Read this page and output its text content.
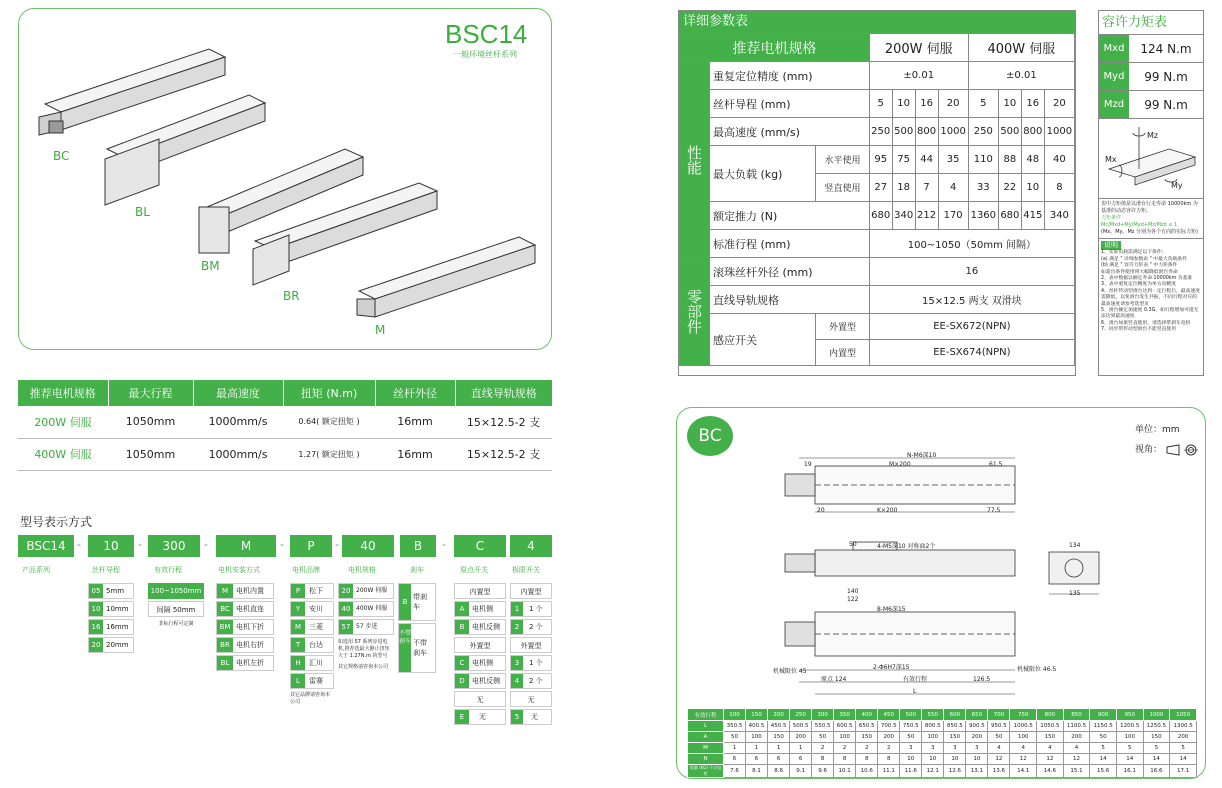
BSC14
一般环境丝杆系列
BC
BL
BM
BR
M
推荐电机规格	最大行程	最高速度	扭矩 (N.m)	丝杆外径	直线导轨规格
200W 伺服	1050mm	1000mm/s	0.64( 额定扭矩 )	16mm	15×12.5-2 支
400W 伺服	1050mm	1000mm/s	1.27( 额定扭矩 )	16mm	15×12.5-2 支
型号表示方式
BSC14	10	300	M	P	40	B	C	4
-	-	-	-	-	-
产品系列	丝杆导程	有效行程	电机安装方式	电机品牌	电机规格	刹车	原点开关	极限开关
05 5mm
10 10mm
16 16mm
20 20mm
100~1050mm
间隔 50mm
非标行程可定制
M	电机内置
BC 电机直连
BM 电机下折
BR 电机右折
BL 电机左折
P	松下
Y	安川
M	三菱
T	台达
H	汇川
L	雷赛
其它品牌请咨询本公司
20 200W 伺服
40 400W 伺服
57 57 步进
如选用 57 系列步进电机,推荐选最大静止扭矩大于 1.27N.m 的型号
其它规格请咨询本公司
B
带刹车
不带刹车 不带刹车
内置型
A	电机侧
B	电机反侧
外置型
C	电机侧
D	电机反侧
无
E	无
内置型
1	1 个
2	2 个
外置型
3	1 个
4	2 个
无
5	无
详细参数表
推荐电机规格			200W 伺服				400W 伺服			
性能	重复定位精度 (mm)		±0.01				±0.01			
	丝杆导程 (mm)		5	10	16	20	5	10	16	20
	最高速度 (mm/s)		250	500	800	1000	250	500	800	1000
	最大负载 (kg)	水平使用	95	75	44	35	110	88	48	40
		竖直使用	27	18	7	4	33	22	10	8
	额定推力 (N)		680	340	212	170	1360	680	415	340
	标准行程 (mm)		100~1050（50mm 间隔）							
零部件	滚珠丝杆外径 (mm)		16							
	直线导轨规格		15×12.5 两支 双滑块							
	感应开关	外置型	EE-SX672(NPN)							
		内置型	EE-SX674(NPN)							
容许力矩表
Mxd	124 N.m
Myd	99 N.m
Mzd	99 N.m
Mz
Mx
My
表中力矩值是以滑台行走寿命 10000km 为基准的动态容许力矩。
力矩条件
Mc/Mxd+My/Myd+Mz/Mzd ≤ 1
(Mx、My、Mz 分别为各个方向的实际力矩)
说明
1、实际负载需满足以下条件：
(a) 满足 " 详细参数表 " 中最大负载条件
(b) 满足 " 容许力矩表 " 中力矩条件
如超出条件使用将大幅降低滑台寿命
2、表中数据以额定寿命 10000km 为基准
3、表中重复定位精度为单方向精度
4、丝杆传动型滑台达到一定行程后，最高速度需降低，以免滑台发生共振，不同行程对应的最高速度请参考选型页
5、滑台额定加速度 0.3G，如行程增加可提无法达到最高速度
6、滑台如果竖直使用，请选择带刹车电机
7、同步带传动型滑台不能竖直使用
BC	单位：mm
视角：
19	M×200	61.5
N-M6深10
4-M5深10 对称面2个
140
122
8-M6深15
2-Φ6H7深15
机械限位 45
原点 124	有效行程
机械限位 46.5
126.5
134
135
L
20	K×200	77.5
50
有效行程	100	150	200	250	300	350	400	450	500	550	600	650	700	750	800	850	900	950	1000	1050
L	350.5	400.5	450.5	500.5	550.5	600.5	650.5	700.5	750.5	800.5	850.5	900.5	950.5	1000.5	1050.5	1100.5	1150.5	1200.5	1250.5	1300.5
A	50	100	150	200	50	100	150	200	50	100	150	200	50	100	150	200	50	100	150	200
M	1	1	1	1	2	2	2	2	3	3	3	3	4	4	4	4	5	5	5	5
N	6	6	6	6	8	8	8	8	10	10	10	10	12	12	12	12	14	14	14	14
质量 (KG) 不含电机	7.6	8.1	8.6	9.1	9.6	10.1	10.6	11.1	11.6	12.1	12.6	13.1	13.6	14.1	14.6	15.1	15.6	16.1	16.6	17.1
